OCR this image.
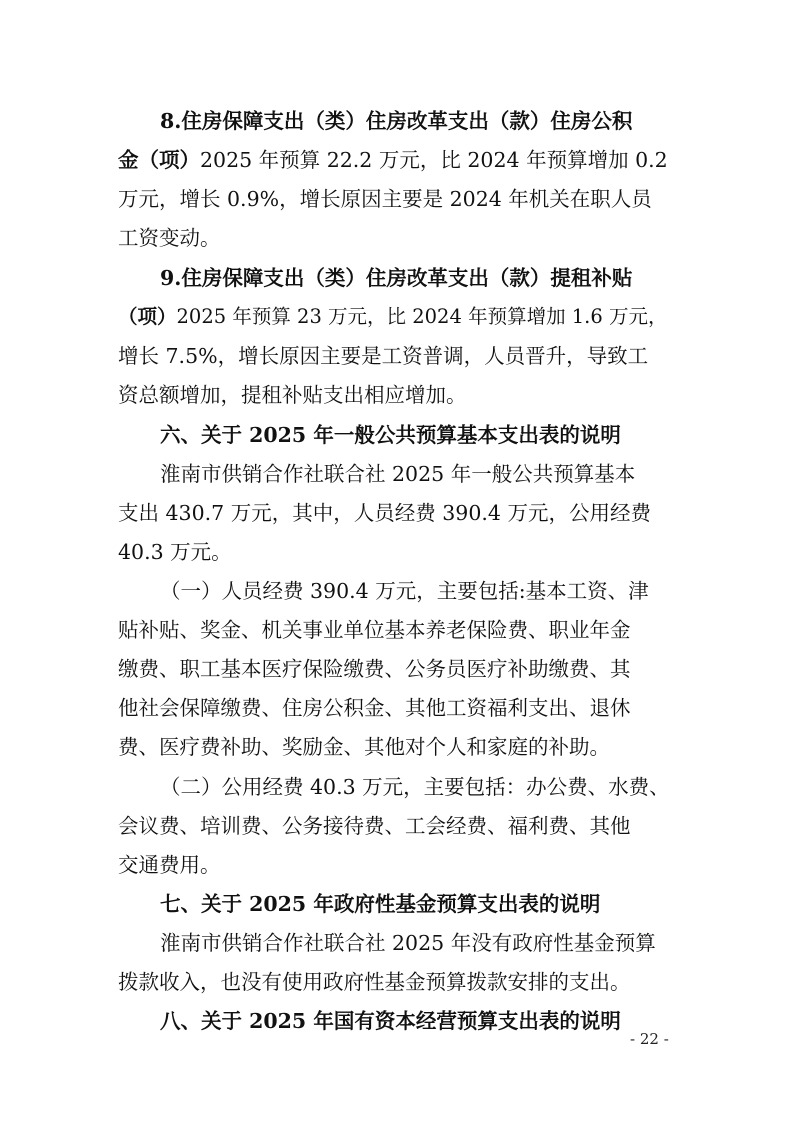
8.住房保障支出（类）住房改革支出（款）住房公积
金（项）2025 年预算 22.2 万元，比 2024 年预算增加 0.2
万元，增长 0.9%，增长原因主要是 2024 年机关在职人员
工资变动。
9.住房保障支出（类）住房改革支出（款）提租补贴
（项）2025 年预算 23 万元，比 2024 年预算增加 1.6 万元，
增长 7.5%，增长原因主要是工资普调，人员晋升，导致工
资总额增加，提租补贴支出相应增加。
六、关于 2025 年一般公共预算基本支出表的说明
淮南市供销合作社联合社 2025 年一般公共预算基本
支出 430.7 万元，其中，人员经费 390.4 万元，公用经费
40.3 万元。
（一）人员经费 390.4 万元，主要包括:基本工资、津
贴补贴、奖金、机关事业单位基本养老保险费、职业年金
缴费、职工基本医疗保险缴费、公务员医疗补助缴费、其
他社会保障缴费、住房公积金、其他工资福利支出、退休
费、医疗费补助、奖励金、其他对个人和家庭的补助。
（二）公用经费 40.3 万元，主要包括：办公费、水费、
会议费、培训费、公务接待费、工会经费、福利费、其他
交通费用。
七、关于 2025 年政府性基金预算支出表的说明
淮南市供销合作社联合社 2025 年没有政府性基金预算
拨款收入，也没有使用政府性基金预算拨款安排的支出。
八、关于 2025 年国有资本经营预算支出表的说明
- 22 -
